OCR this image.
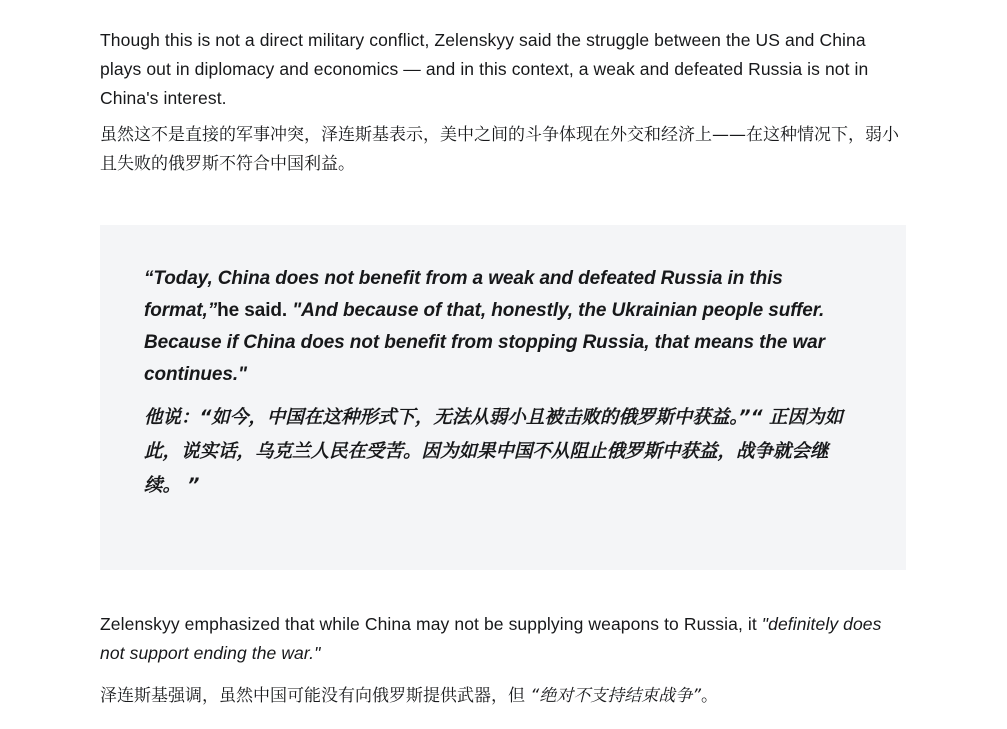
Though this is not a direct military conflict, Zelenskyy said the struggle between the US and China plays out in diplomacy and economics — and in this context, a weak and defeated Russia is not in China's interest.

虽然这不是直接的军事冲突，泽连斯基表示，美中之间的斗争体现在外交和经济上——在这种情况下，弱小且失败的俄罗斯不符合中国利益。

“Today, China does not benefit from a weak and defeated Russia in this format,”he said. "And because of that, honestly, the Ukrainian people suffer. Because if China does not benefit from stopping Russia, that means the war continues."

他说：“如今，中国在这种形式下，无法从弱小且被击败的俄罗斯中获益。”“ 正因为如此，说实话，乌克兰人民在受苦。因为如果中国不从阻止俄罗斯中获益，战争就会继续。 ”

Zelenskyy emphasized that while China may not be supplying weapons to Russia, it "definitely does not support ending the war."

泽连斯基强调，虽然中国可能没有向俄罗斯提供武器，但 “绝对不支持结束战争”。
